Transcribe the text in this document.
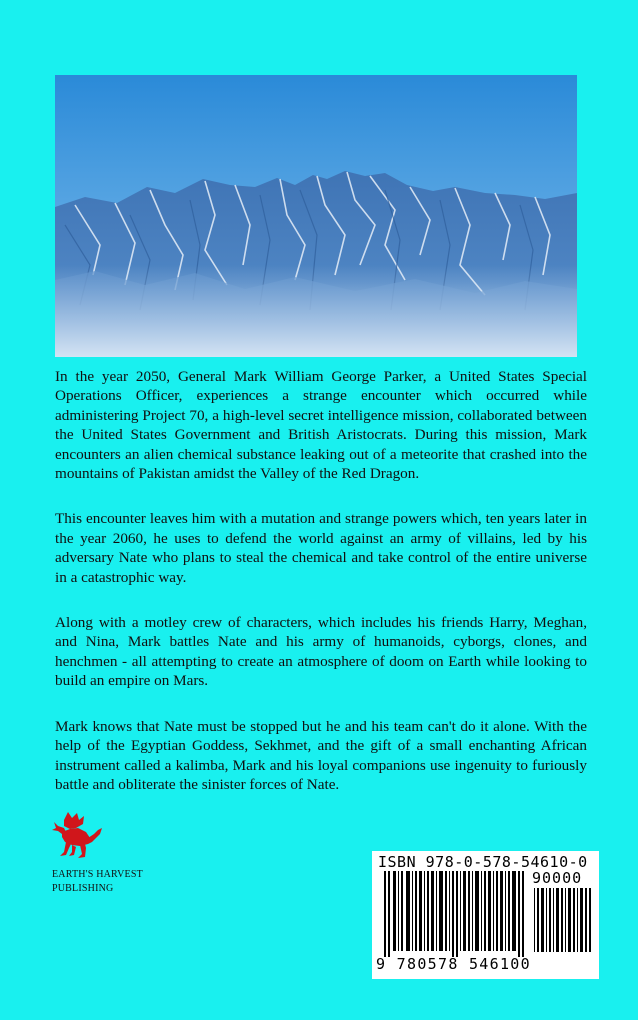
In the year 2050, General Mark William George Parker, a United States Special Operations Officer, experiences a strange encounter which occurred while administering Project 70, a high-level secret intelligence mission, collaborated between the United States Government and British Aristocrats. During this mission, Mark encounters an alien chemical substance leaking out of a meteorite that crashed into the mountains of Pakistan amidst the Valley of the Red Dragon.

This encounter leaves him with a mutation and strange powers which, ten years later in the year 2060, he uses to defend the world against an army of villains, led by his adversary Nate who plans to steal the chemical and take control of the entire universe in a catastrophic way.

Along with a motley crew of characters, which includes his friends Harry, Meghan, and Nina, Mark battles Nate and his army of humanoids, cyborgs, clones, and henchmen - all attempting to create an atmosphere of doom on Earth while looking to build an empire on Mars.

Mark knows that Nate must be stopped but he and his team can't do it alone. With the help of the Egyptian Goddess, Sekhmet, and the gift of a small enchanting African instrument called a kalimba, Mark and his loyal companions use ingenuity to furiously battle and obliterate the sinister forces of Nate.

EARTH'S HARVEST
PUBLISHING
ISBN 978-0-578-54610-0
90000
9 780578 546100
